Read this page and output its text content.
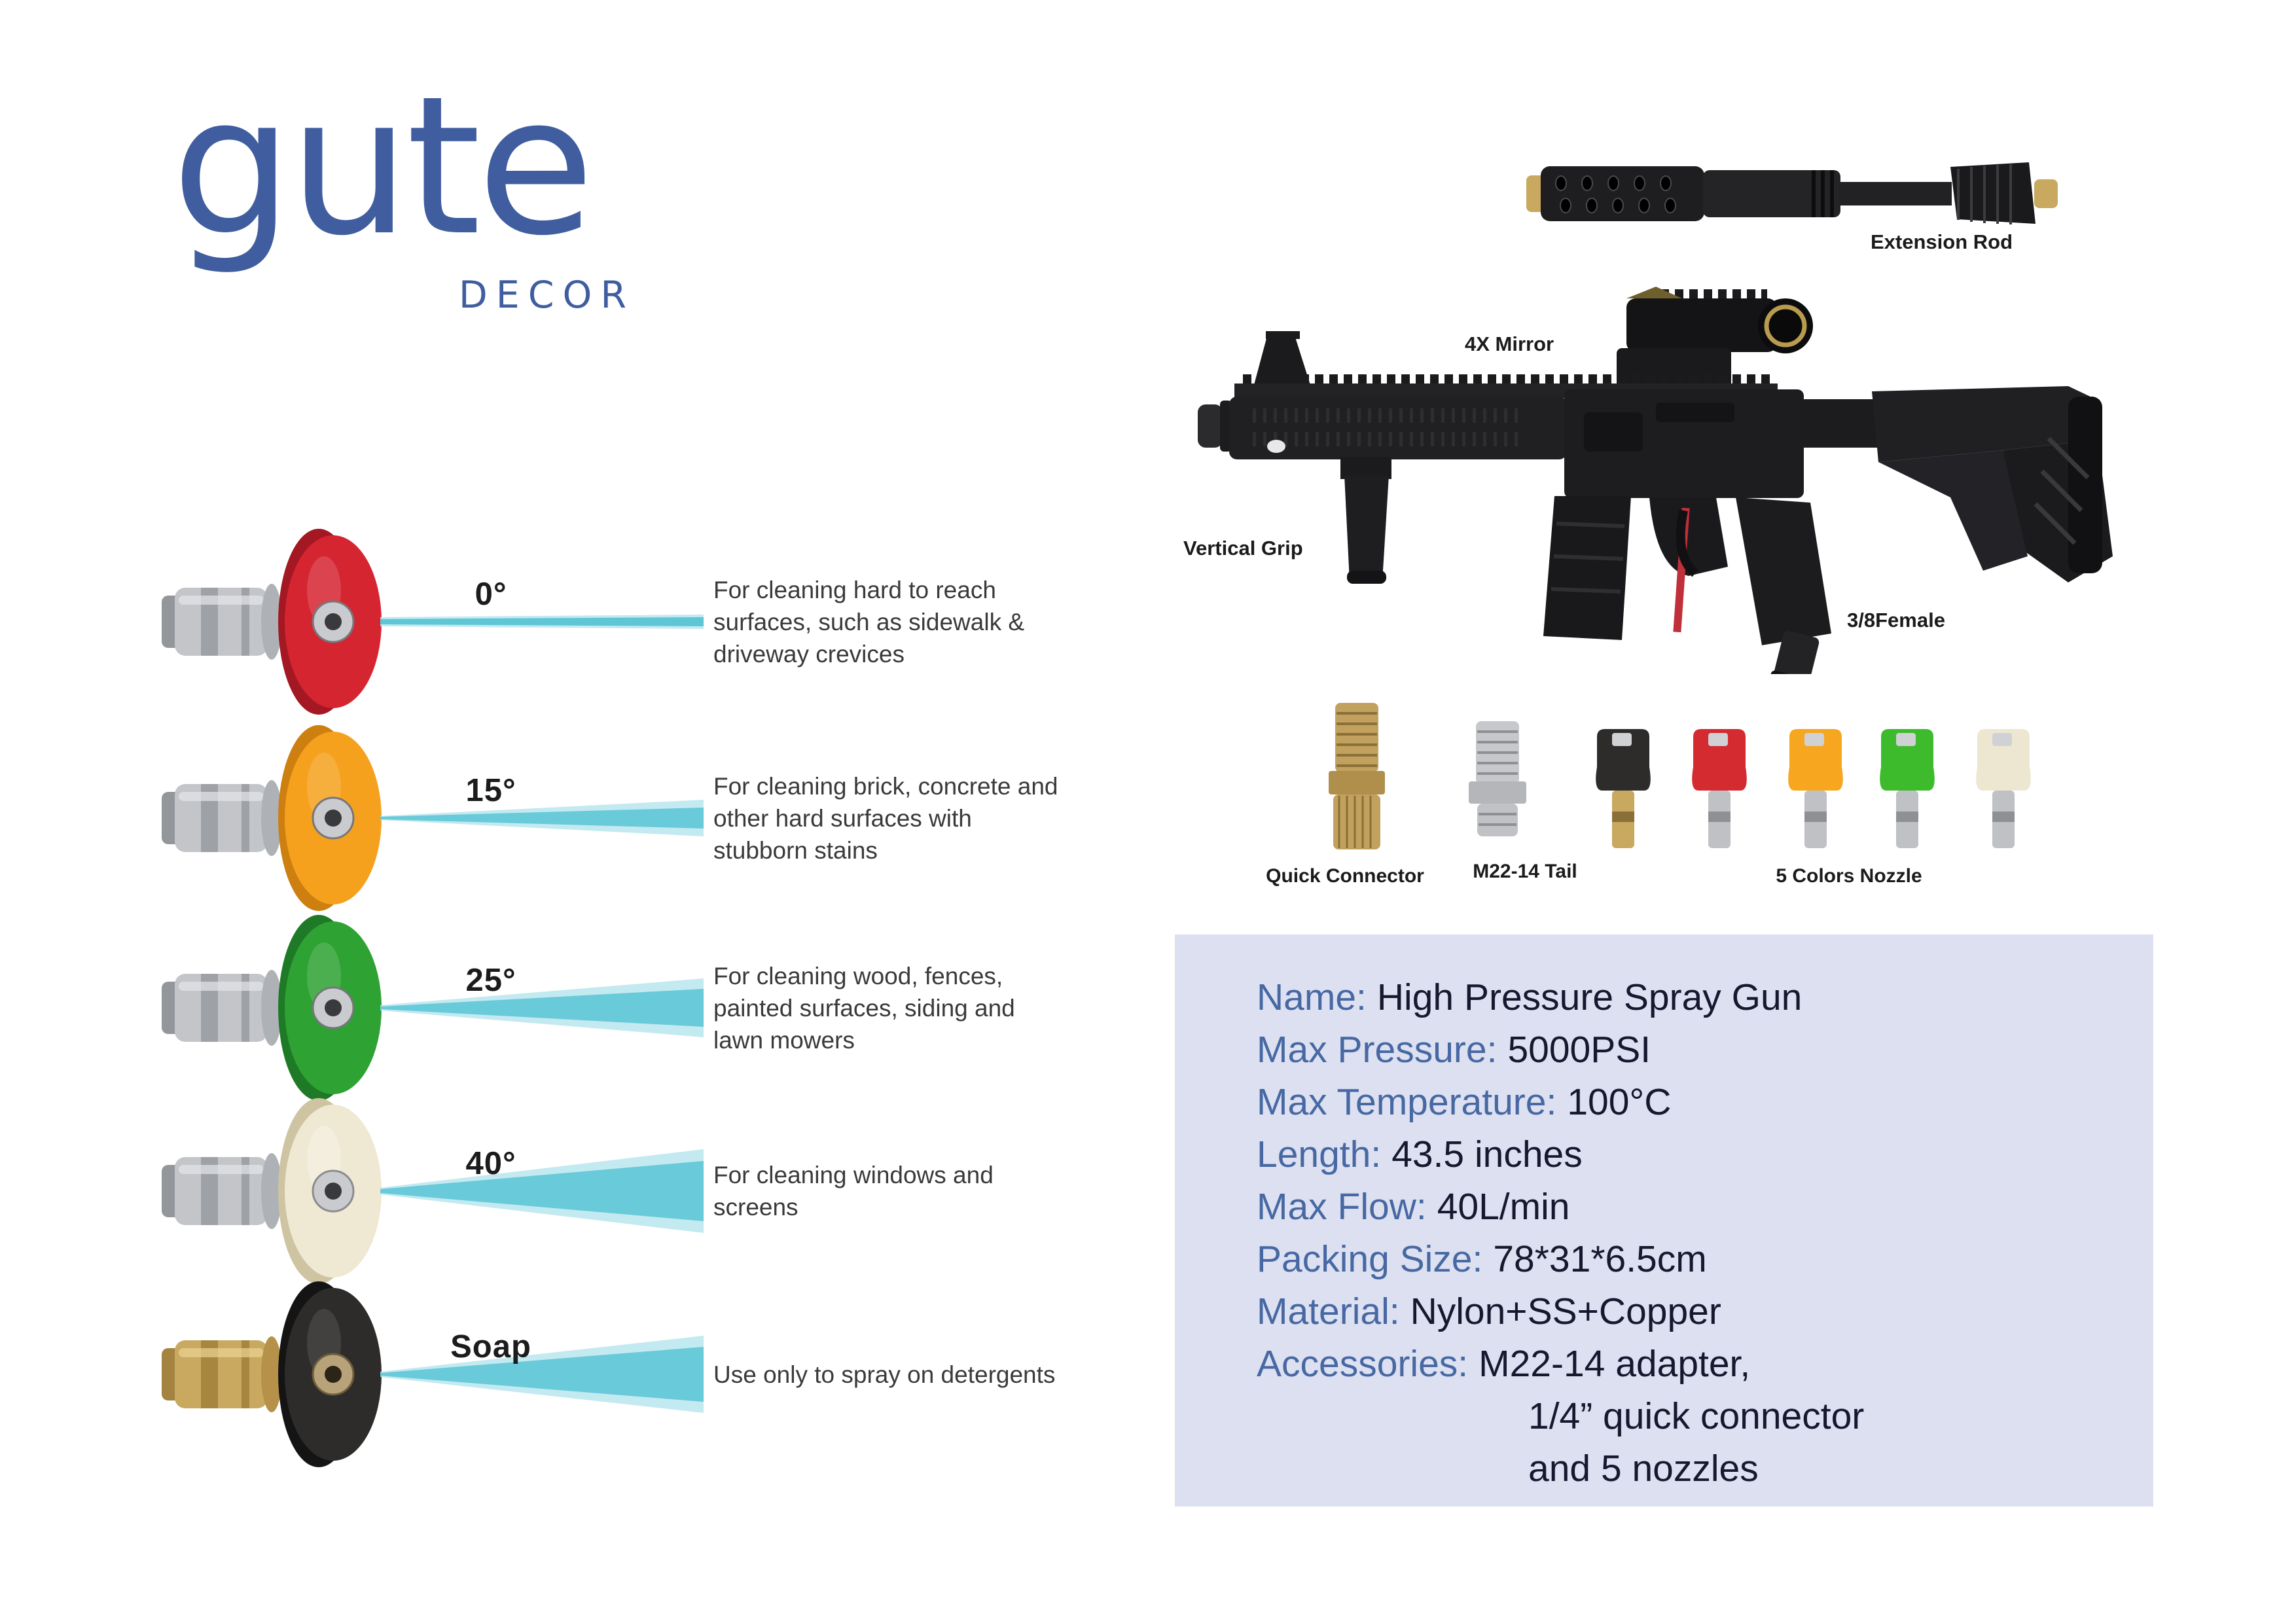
gute
DECOR
0°	For cleaning hard to reach
surfaces, such as sidewalk &
driveway crevices
15°	For cleaning brick, concrete and
other hard surfaces with
stubborn stains
25°	For cleaning wood, fences,
painted surfaces, siding and
lawn mowers
40°	For cleaning windows and
screens
Soap
Use only to spray on detergents
Extension Rod
4X Mirror
Vertical Grip
3/8Female
Quick Connector	M22-14 Tail	5 Colors Nozzle
Name: High Pressure Spray Gun
Max Pressure: 5000PSI
Max Temperature: 100°C
Length: 43.5 inches
Max Flow: 40L/min
Packing Size: 78*31*6.5cm
Material: Nylon+SS+Copper
Accessories: M22-14 adapter,
1/4” quick connector
and 5 nozzles
